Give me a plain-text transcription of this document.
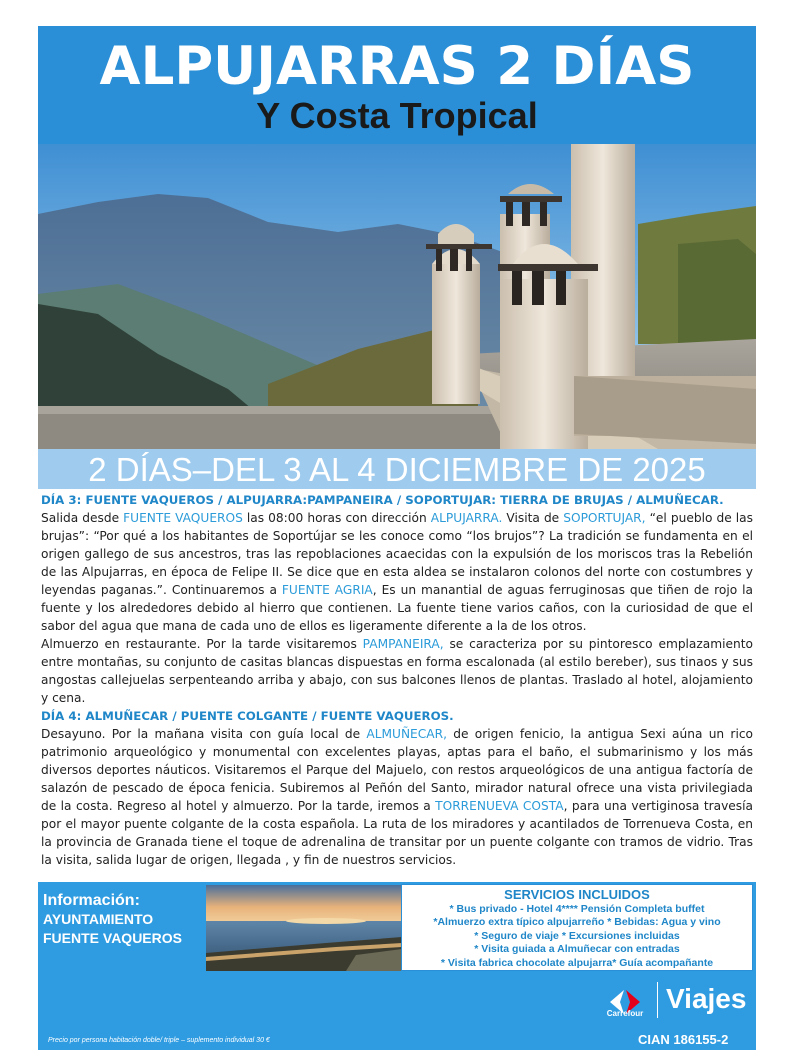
ALPUJARRAS 2 DÍAS
Y Costa Tropical
2 DÍAS–DEL 3 AL 4 DICIEMBRE DE 2025
DÍA 3: FUENTE VAQUEROS / ALPUJARRA:PAMPANEIRA / SOPORTUJAR: TIERRA DE BRUJAS / ALMUÑECAR.
Salida desde FUENTE VAQUEROS las 08:00 horas con dirección ALPUJARRA. Visita de SOPORTUJAR, “el pueblo de las brujas”: “Por qué a los habitantes de Soportújar se les conoce como “los brujos”? La tradición se fundamenta en el origen gallego de sus ancestros, tras las repoblaciones acaecidas con la expulsión de los moriscos tras la Rebelión de las Alpujarras, en época de Felipe II. Se dice que en esta aldea se instalaron colonos del norte con costumbres y leyendas paganas.”. Continuaremos a FUENTE AGRIA, Es un manantial de aguas ferruginosas que tiñen de rojo la fuente y los alrededores debido al hierro que contienen. La fuente tiene varios caños, con la curiosidad de que el sabor del agua que mana de cada uno de ellos es ligeramente diferente a la de los otros.
Almuerzo en restaurante. Por la tarde visitaremos PAMPANEIRA, se caracteriza por su pintoresco emplazamiento entre montañas, su conjunto de casitas blancas dispuestas en forma escalonada (al estilo bereber), sus tinaos y sus angostas callejuelas serpenteando arriba y abajo, con sus balcones llenos de plantas. Traslado al hotel, alojamiento y cena.
DÍA 4: ALMUÑECAR / PUENTE COLGANTE / FUENTE VAQUEROS.
Desayuno. Por la mañana visita con guía local de ALMUÑECAR, de origen fenicio, la antigua Sexi aúna un rico patrimonio arqueológico y monumental con excelentes playas, aptas para el baño, el submarinismo y los más diversos deportes náuticos. Visitaremos el Parque del Majuelo, con restos arqueológicos de una antigua factoría de salazón de pescado de época fenicia. Subiremos al Peñón del Santo, mirador natural ofrece una vista privilegiada de la costa. Regreso al hotel y almuerzo. Por la tarde, iremos a TORRENUEVA COSTA, para una vertiginosa travesía por el mayor puente colgante de la costa española. La ruta de los miradores y acantilados de Torrenueva Costa, en la provincia de Granada tiene el toque de adrenalina de transitar por un puente colgante con tramos de vidrio. Tras la visita, salida lugar de origen, llegada , y fin de nuestros servicios.
Información:
AYUNTAMIENTO
FUENTE VAQUEROS
SERVICIOS INCLUIDOS
* Bus privado - Hotel 4**** Pensión Completa buffet
*Almuerzo extra típico alpujarreño * Bebidas: Agua y vino
* Seguro de viaje * Excursiones incluidas
* Visita guiada a Almuñecar con entradas
* Visita fabrica chocolate alpujarra* Guía acompañante
Carrefour Viajes
Precio por persona habitación doble/ triple – suplemento individual 30 €	CIAN 186155-2
